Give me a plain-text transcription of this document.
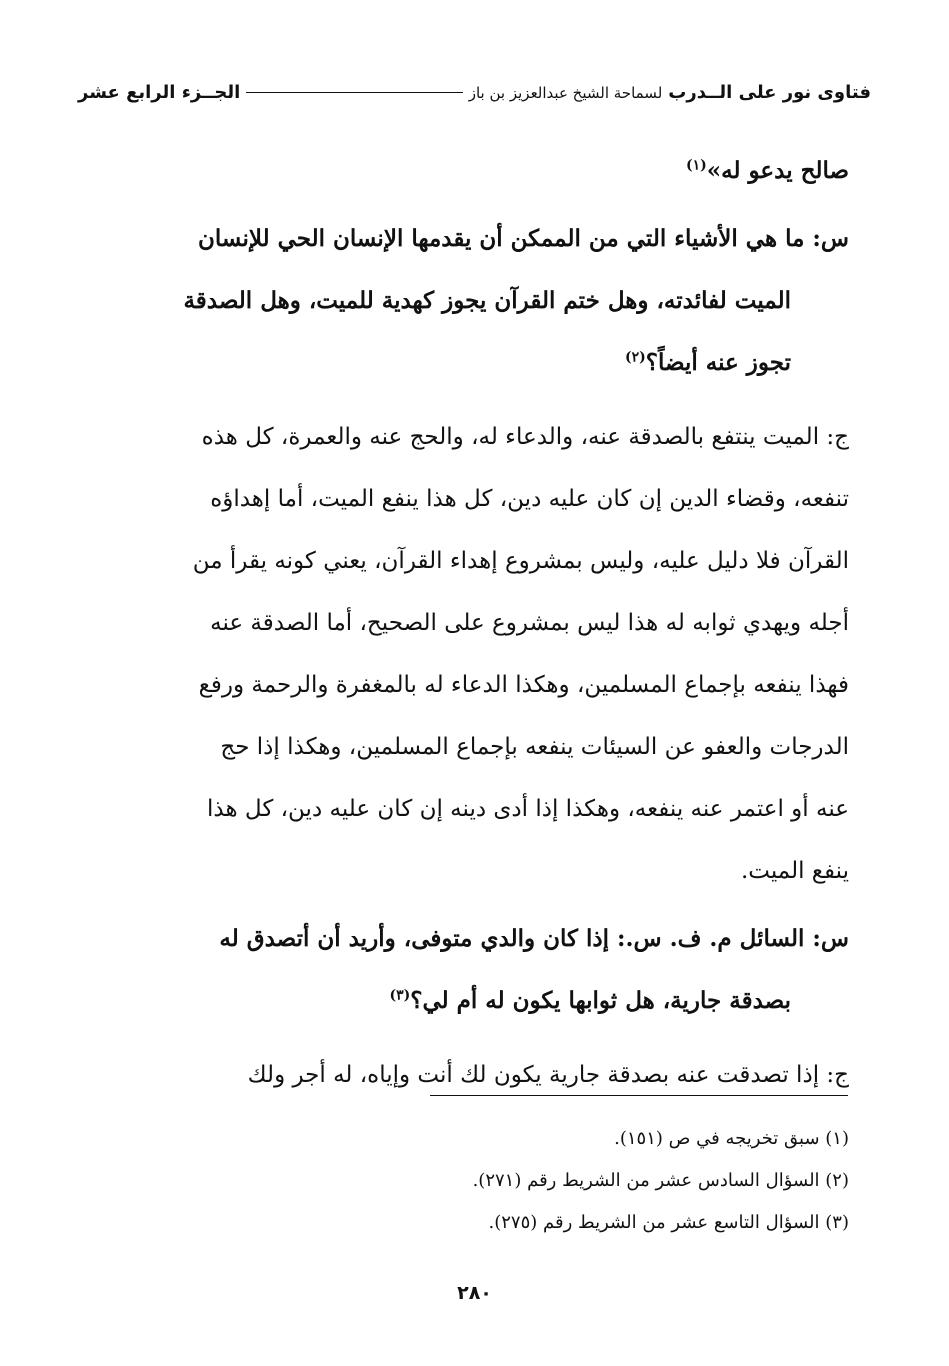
فتاوى نور على الــدرب
لسماحة الشيخ عبدالعزيز بن باز
الجــزء الرابع عشر

صالح يدعو له»$^{(١)}$

س: ما هي الأشياء التي من الممكن أن يقدمها الإنسان الحي للإنسان

الميت لفائدته، وهل ختم القرآن يجوز كهدية للميت، وهل الصدقة

تجوز عنه أيضاً؟$^{(٢)}$

ج: الميت ينتفع بالصدقة عنه، والدعاء له، والحج عنه والعمرة، كل هذه

تنفعه، وقضاء الدين إن كان عليه دين، كل هذا ينفع الميت، أما إهداؤه

القرآن فلا دليل عليه، وليس بمشروع إهداء القرآن، يعني كونه يقرأ من

أجله ويهدي ثوابه له هذا ليس بمشروع على الصحيح، أما الصدقة عنه

فهذا ينفعه بإجماع المسلمين، وهكذا الدعاء له بالمغفرة والرحمة ورفع

الدرجات والعفو عن السيئات ينفعه بإجماع المسلمين، وهكذا إذا حج

عنه أو اعتمر عنه ينفعه، وهكذا إذا أدى دينه إن كان عليه دين، كل هذا

ينفع الميت.

س: السائل م. ف. س.: إذا كان والدي متوفى، وأريد أن أتصدق له

بصدقة جارية، هل ثوابها يكون له أم لي؟$^{(٣)}$

ج: إذا تصدقت عنه بصدقة جارية يكون لك أنت وإياه، له أجر ولك

(١) سبق تخريجه في ص (١٥١).
(٢) السؤال السادس عشر من الشريط رقم (٢٧١).
(٣) السؤال التاسع عشر من الشريط رقم (٢٧٥).
٢٨٠
